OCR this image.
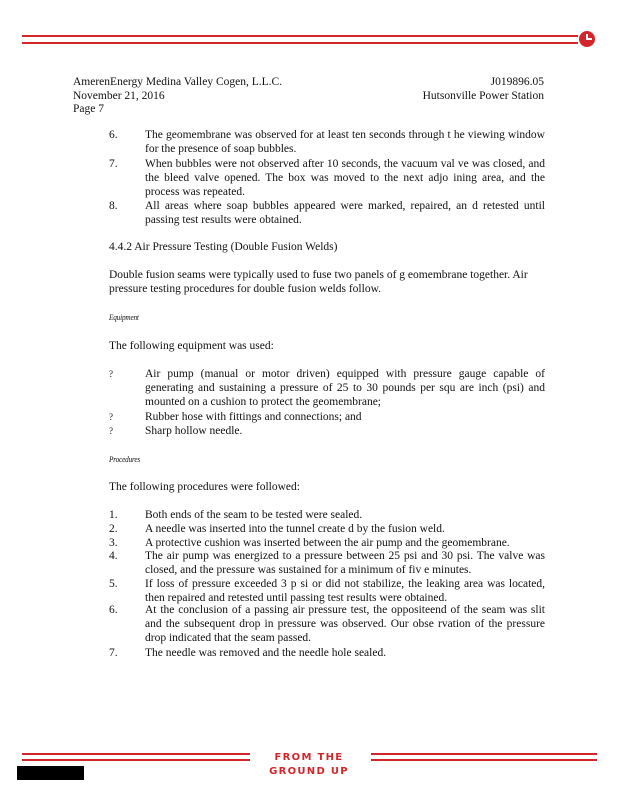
AmerenEnergy Medina Valley Cogen, L.L.C.	J019896.05
November 21, 2016	Hutsonville Power Station
Page 7
6.	The geomembrane was observed for at least ten seconds through t he viewing window for the presence of soap bubbles.
7.	When bubbles were not observed after 10 seconds, the vacuum val ve was closed, and the bleed valve opened. The box was moved to the next adjo ining area, and the process was repeated.
8.	All areas where soap bubbles appeared were marked, repaired, an d retested until passing test results were obtained.
4.4.2 Air Pressure Testing (Double Fusion Welds)
Double fusion seams were typically used to fuse two panels of g eomembrane together. Air pressure testing procedures for double fusion welds follow.
Equipment
The following equipment was used:
?	Air pump (manual or motor driven) equipped with pressure gauge capable of generating and sustaining a pressure of 25 to 30 pounds per squ are inch (psi) and mounted on a cushion to protect the geomembrane;
?	Rubber hose with fittings and connections; and
?	Sharp hollow needle.
Procedures
The following procedures were followed:
1.	Both ends of the seam to be tested were sealed.
2.	A needle was inserted into the tunnel create d by the fusion weld.
3.	A protective cushion was inserted between the air pump and the geomembrane.
4.	The air pump was energized to a pressure between 25 psi and 30 psi. The valve was closed, and the pressure was sustained for a minimum of fiv e minutes.
5.	If loss of pressure exceeded 3 p si or did not stabilize, the leaking area was located, then repaired and retested until passing test results were obtained.
6.	At the conclusion of a passing air pressure test, the oppositeend of the seam was slit and the subsequent drop in pressure was observed. Our obse rvation of the pressure drop indicated that the seam passed.
7.	The needle was removed and the needle hole sealed.
FROM THE GROUND UP
